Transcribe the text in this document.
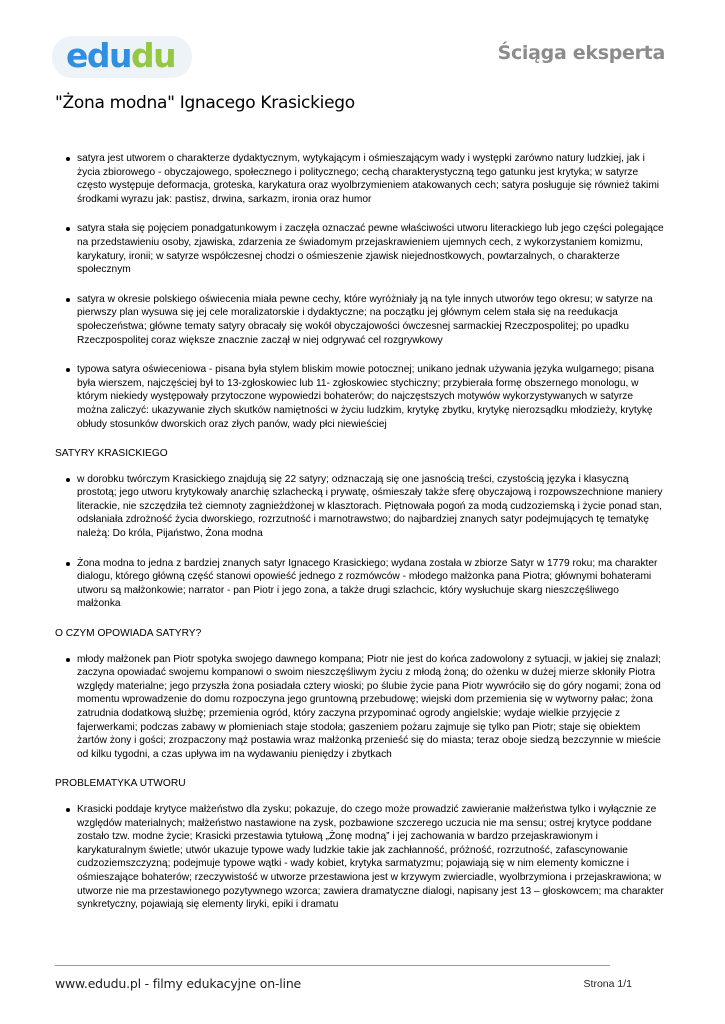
edudu	Ściąga eksperta
"Żona modna" Ignacego Krasickiego
satyra jest utworem o charakterze dydaktycznym, wytykającym i ośmieszającym wady i występki zarówno natury ludzkiej, jak i życia zbiorowego - obyczajowego, społecznego i politycznego; cechą charakterystyczną tego gatunku jest krytyka; w satyrze często występuje deformacja, groteska, karykatura oraz wyolbrzymieniem atakowanych cech; satyra posługuje się również takimi środkami wyrazu jak: pastisz, drwina, sarkazm, ironia oraz humor
satyra stała się pojęciem ponadgatunkowym i zaczęła oznaczać pewne właściwości utworu literackiego lub jego części polegające na przedstawieniu osoby, zjawiska, zdarzenia ze świadomym przejaskrawieniem ujemnych cech, z wykorzystaniem komizmu, karykatury, ironii; w satyrze współczesnej chodzi o ośmieszenie zjawisk niejednostkowych, powtarzalnych, o charakterze społecznym
satyra w okresie polskiego oświecenia miała pewne cechy, które wyróżniały ją na tyle innych utworów tego okresu; w satyrze na pierwszy plan wysuwa się jej cele moralizatorskie i dydaktyczne; na początku jej głównym celem stała się na reedukacja społeczeństwa; główne tematy satyry obracały się wokół obyczajowości ówczesnej sarmackiej Rzeczpospolitej; po upadku Rzeczpospolitej coraz większe znacznie zaczął w niej odgrywać cel rozgrywkowy
typowa satyra oświeceniowa - pisana była stylem bliskim mowie potocznej; unikano jednak używania języka wulgarnego; pisana była wierszem, najczęściej był to 13-zgłoskowiec lub 11- zgłoskowiec stychiczny; przybierała formę obszernego monologu, w którym niekiedy występowały przytoczone wypowiedzi bohaterów; do najczęstszych motywów wykorzystywanych w satyrze można zaliczyć: ukazywanie złych skutków namiętności w życiu ludzkim, krytykę zbytku, krytykę nierozsądku młodzieży, krytykę obłudy stosunków dworskich oraz złych panów, wady płci niewieściej
SATYRY KRASICKIEGO
w dorobku twórczym Krasickiego znajdują się 22 satyry; odznaczają się one jasnością treści, czystością języka i klasyczną prostotą; jego utworu krytykowały anarchię szlachecką i prywatę, ośmieszały także sferę obyczajową i rozpowszechnione maniery literackie, nie szczędziła też ciemnoty zagnieżdżonej w klasztorach. Piętnowała pogoń za modą cudzoziemską i życie ponad stan, odsłaniała zdrożność życia dworskiego, rozrzutność i marnotrawstwo; do najbardziej znanych satyr podejmujących tę tematykę należą: Do króla, Pijaństwo, Żona modna
Żona modna to jedna z bardziej znanych satyr Ignacego Krasickiego; wydana została w zbiorze Satyr w 1779 roku; ma charakter dialogu, którego główną część stanowi opowieść jednego z rozmówców - młodego małżonka pana Piotra; głównymi bohaterami utworu są małżonkowie; narrator - pan Piotr i jego zona, a także drugi szlachcic, który wysłuchuje skarg nieszczęśliwego małżonka
O CZYM OPOWIADA SATYRY?
młody małżonek pan Piotr spotyka swojego dawnego kompana; Piotr nie jest do końca zadowolony z sytuacji, w jakiej się znalazł; zaczyna opowiadać swojemu kompanowi o swoim nieszczęśliwym życiu z młodą żoną; do ożenku w dużej mierze skłoniły Piotra względy materialne; jego przyszła żona posiadała cztery wioski; po ślubie życie pana Piotr wywróciło się do góry nogami; żona od momentu wprowadzenie do domu rozpoczyna jego gruntowną przebudowę; wiejski dom przemienia się w wytworny pałac; żona zatrudnia dodatkową służbę; przemienia ogród, który zaczyna przypominać ogrody angielskie; wydaje wielkie przyjęcie z fajerwerkami; podczas zabawy w płomieniach staje stodoła; gaszeniem pożaru zajmuje się tylko pan Piotr; staje się obiektem żartów żony i gości; zrozpaczony mąż postawia wraz małżonką przenieść się do miasta; teraz oboje siedzą bezczynnie w mieście od kilku tygodni, a czas upływa im na wydawaniu pieniędzy i zbytkach
PROBLEMATYKA UTWORU
Krasicki poddaje krytyce małżeństwo dla zysku; pokazuje, do czego może prowadzić zawieranie małżeństwa tylko i wyłącznie ze względów materialnych; małżeństwo nastawione na zysk, pozbawione szczerego uczucia nie ma sensu; ostrej krytyce poddane zostało tzw. modne życie; Krasicki przestawia tytułową „Żonę modną” i jej zachowania w bardzo przejaskrawionym i karykaturalnym świetle; utwór ukazuje typowe wady ludzkie takie jak zachłanność, próżność, rozrzutność, zafascynowanie cudzoziemszczyzną; podejmuje typowe wątki - wady kobiet, krytyka sarmatyzmu; pojawiają się w nim elementy komiczne i ośmieszające bohaterów; rzeczywistość w utworze przestawiona jest w krzywym zwierciadle, wyolbrzymiona i przejaskrawiona; w utworze nie ma przestawionego pozytywnego wzorca; zawiera dramatyczne dialogi, napisany jest 13 – głoskowcem; ma charakter synkretyczny, pojawiają się elementy liryki, epiki i dramatu
www.edudu.pl - filmy edukacyjne on-line	Strona 1/1
